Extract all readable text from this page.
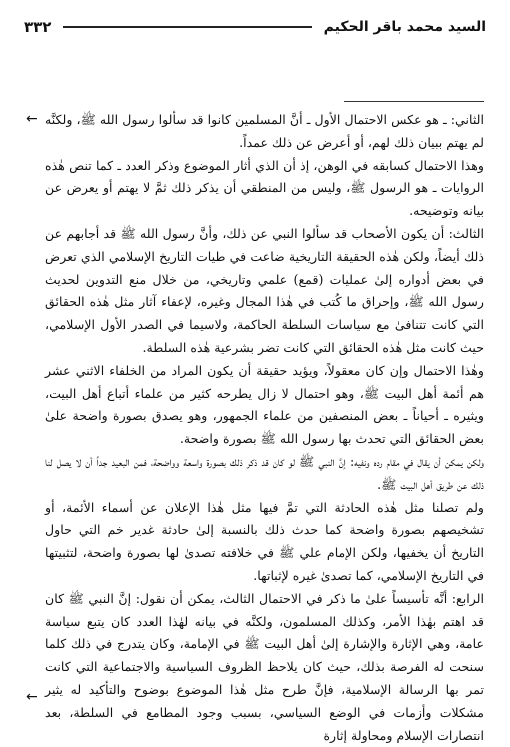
السيد محمد باقر الحكيم
٣٣٢
← الثاني: ـ هو عكس الاحتمال الأول ـ أنَّ المسلمين كانوا قد سألوا رسول الله ﷺ، ولكنَّه لم يهتم ببيان ذلك لهم، أو أعرض عن ذلك عمداً.

وهذا الاحتمال كسابقه في الوهن، إذ أن الذي أثار الموضوع وذكر العدد ـ كما تنص هٰذه الروايات ـ هو الرسول ﷺ، وليس من المنطقي أن يذكر ذلك ثمَّ لا يهتم أو يعرض عن بيانه وتوضيحه.

الثالث: أن يكون الأصحاب قد سألوا النبي عن ذلك، وأنَّ رسول الله ﷺ قد أجابهم عن ذلك أيضاً، ولكن هٰذه الحقيقة التاريخية ضاعت في طيات التاريخ الإسلامي الذي تعرض في بعض أدواره إلىٰ عمليات (قمع) علمي وتاريخي، من خلال منع التدوين لحديث رسول الله ﷺ، وإحراق ما كُتب في هٰذا المجال وغيره، لإعفاء آثار مثل هٰذه الحقائق التي كانت تتنافىٰ مع سياسات السلطة الحاكمة، ولاسيما في الصدر الأول الإسلامي، حيث كانت مثل هٰذه الحقائق التي كانت تضر بشرعية هٰذه السلطة.

وهٰذا الاحتمال وإن كان معقولاً، ويؤيد حقيقة أن يكون المراد من الخلفاء الاثني عشر هم أئمة أهل البيت ﷺ، وهو احتمال لا زال يطرحه كثير من علماء أتباع أهل البيت، ويثيره ـ أحياناً ـ بعض المنصفين من علماء الجمهور، وهو يصدق بصورة واضحة علىٰ بعض الحقائق التي تحدث بها رسول الله ﷺ بصورة واضحة.

ولكن يمكن أن يقال في مقام رده ونفيه: إنَّ النبي ﷺ لو كان قد ذكر ذلك بصورة واسعة وواضحة، فمن البعيد جداً أن لا يصل لنا ذلك عن طريق أهل البيت ﷺ.

ولم تصلنا مثل هٰذه الحادثة التي تمَّ فيها مثل هٰذا الإعلان عن أسماء الأئمة، أو تشخيصهم بصورة واضحة كما حدث ذلك بالنسبة إلىٰ حادثة غدير خم التي حاول التاريخ أن يخفيها، ولكن الإمام علي ﷺ في خلافته تصدىٰ لها بصورة واضحة، لتثبيتها في التاريخ الإسلامي، كما تصدىٰ غيره لإثباتها.

الرابع: أنَّه تأسيساً علىٰ ما ذكر في الاحتمال الثالث، يمكن أن نقول: إنَّ النبي ﷺ كان قد اهتم بهٰذا الأمر، وكذلك المسلمون، ولكنَّه في بيانه لهٰذا العدد كان يتبع سياسة عامة، وهي الإثارة والإشارة إلىٰ أهل البيت ﷺ في الإمامة، وكان يتدرج في ذلك كلما سنحت له الفرصة بذلك، حيث كان يلاحظ الظروف السياسية والاجتماعية التي كانت تمر بها الرسالة الإسلامية، فإنَّ طرح مثل هٰذا الموضوع بوضوح والتأكيد له يثير مشكلات وأزمات في الوضع السياسي، بسبب وجود المطامع في السلطة، بعد انتصارات الإسلام ومحاولة إثارة

←
